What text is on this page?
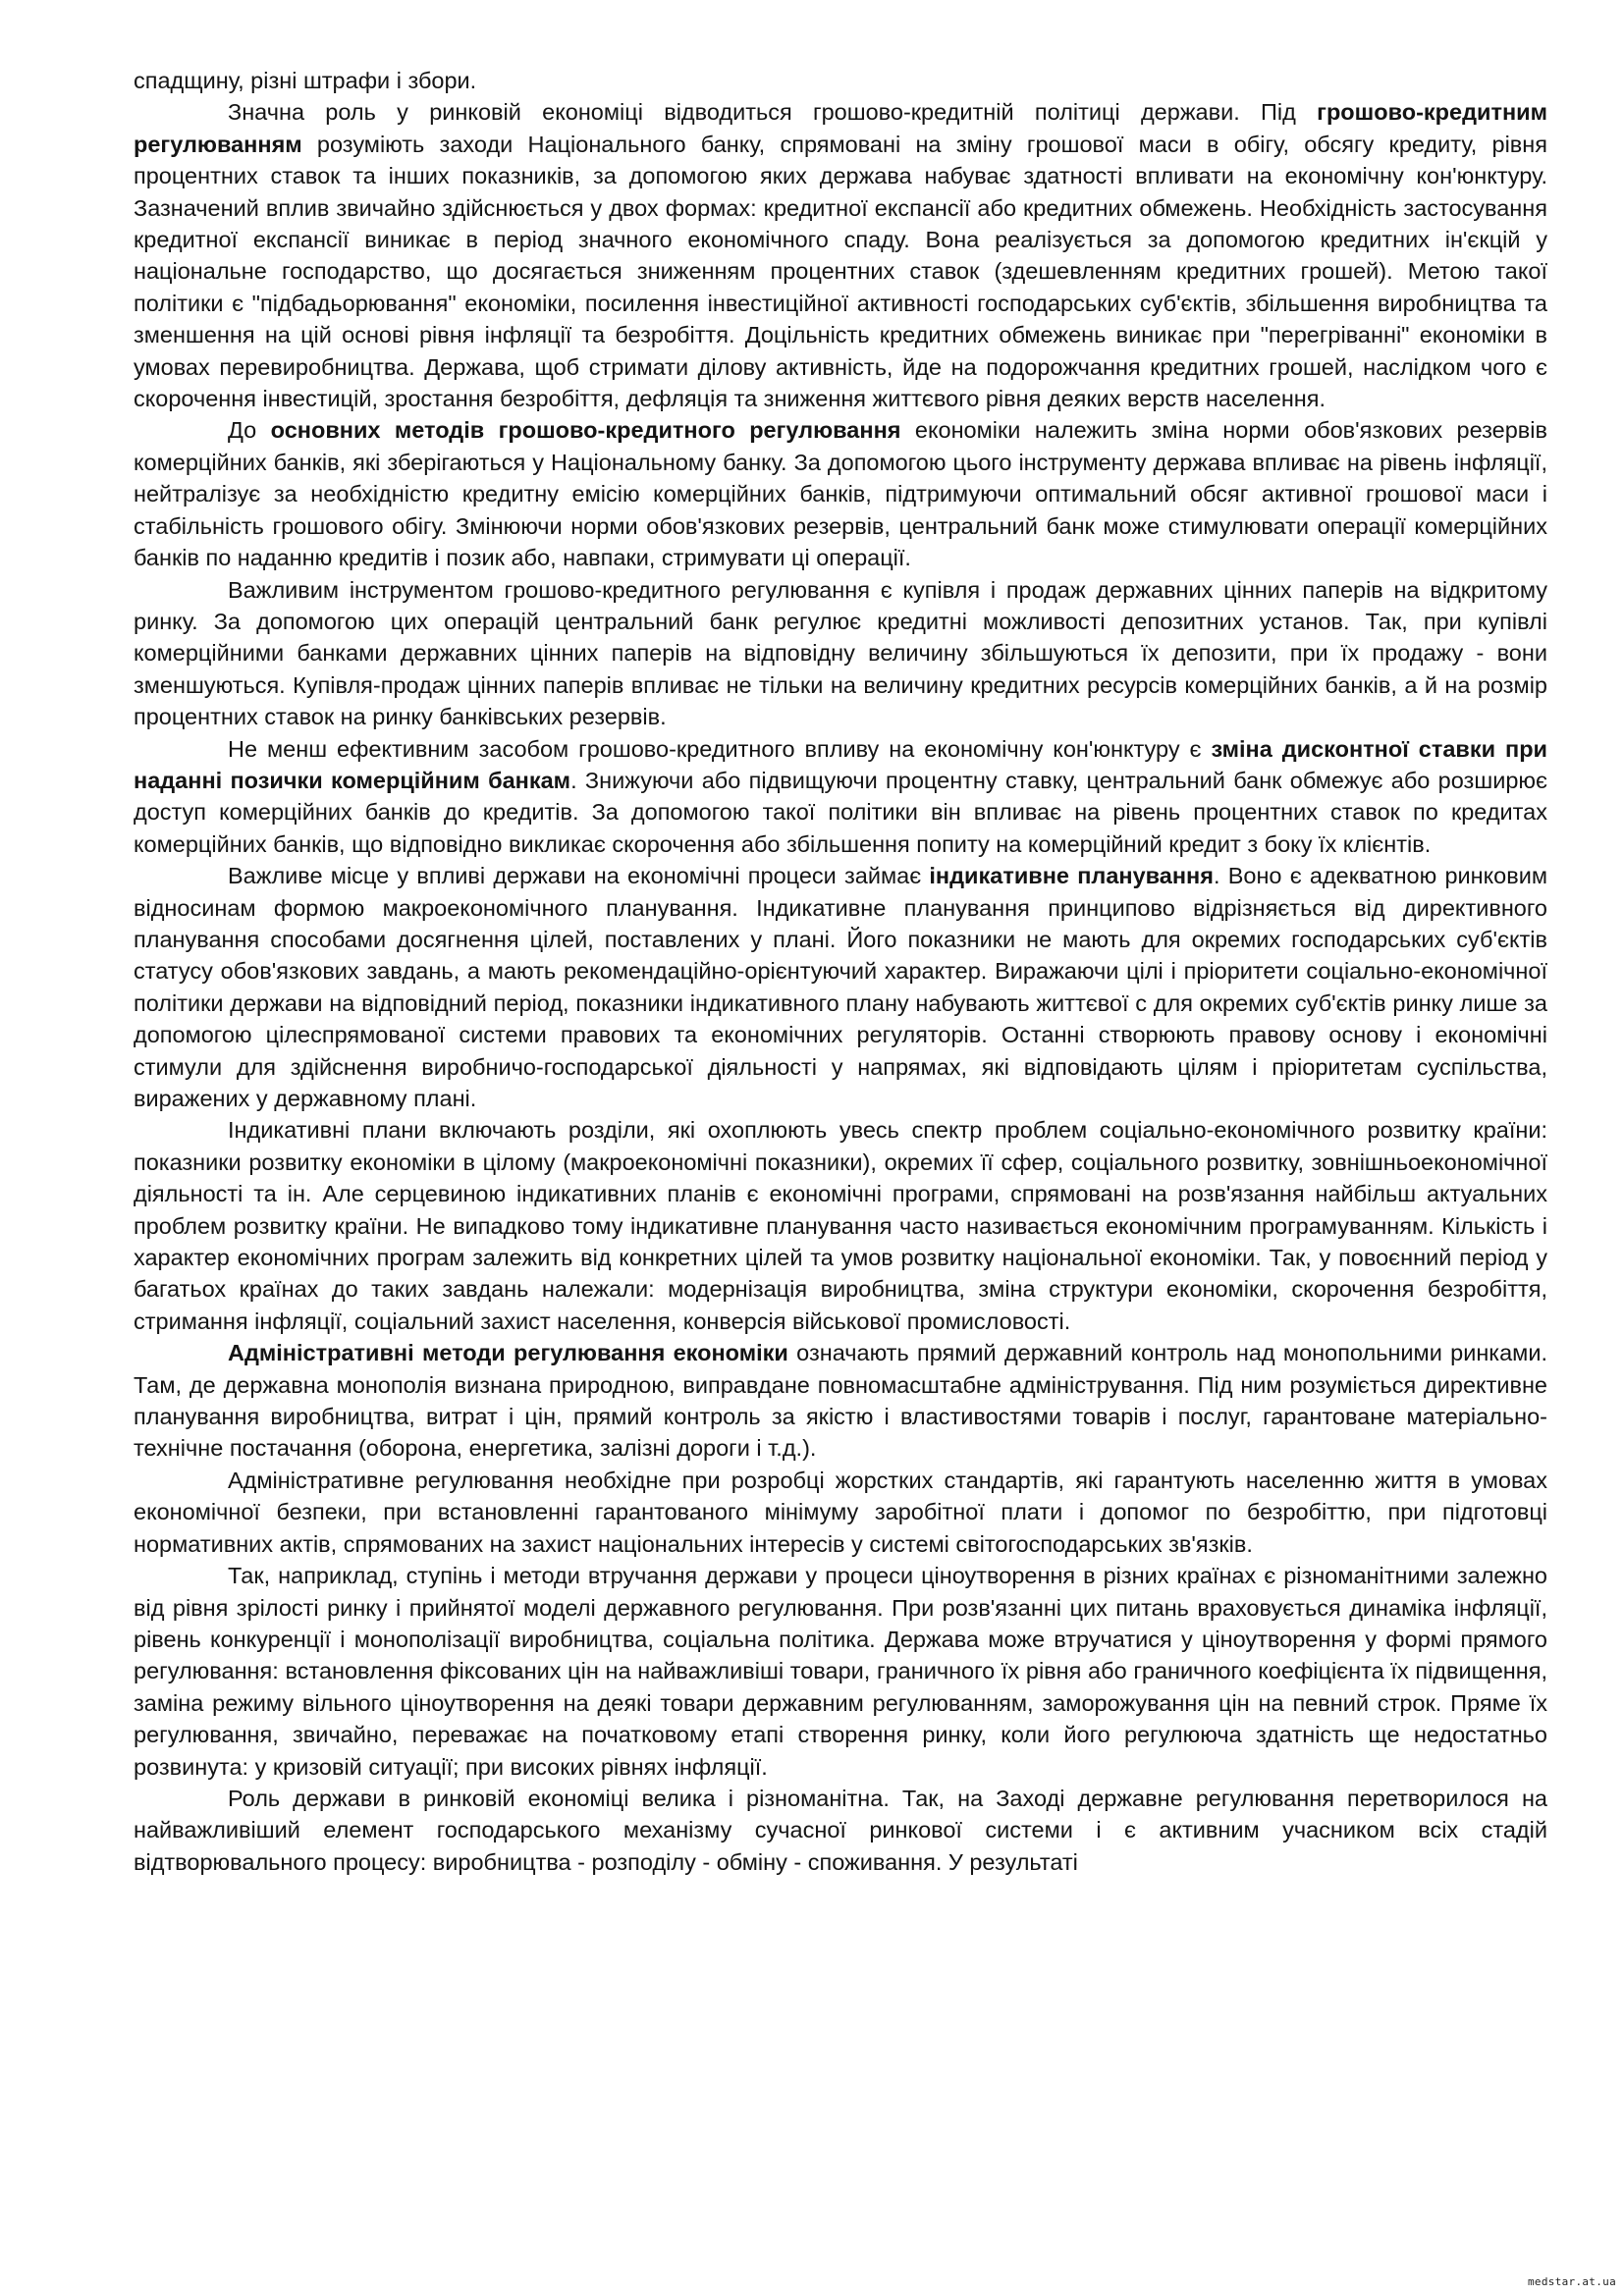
спадщину, різні штрафи і збори.

Значна роль у ринковій економіці відводиться грошово-кредитній політиці держави. Під грошово-кредитним регулюванням розуміють заходи Національного банку, спрямовані на зміну грошової маси в обігу, обсягу кредиту, рівня процентних ставок та інших показників, за допомогою яких держава набуває здатності впливати на економічну кон'юнктуру. Зазначений вплив звичайно здійснюється у двох формах: кредитної експансії або кредитних обмежень. Необхідність застосування кредитної експансії виникає в період значного економічного спаду. Вона реалізується за допомогою кредитних ін'єкцій у національне господарство, що досягається зниженням процентних ставок (здешевленням кредитних грошей). Метою такої політики є "підбадьорювання" економіки, посилення інвестиційної активності господарських суб'єктів, збільшення виробництва та зменшення на цій основі рівня інфляції та безробіття. Доцільність кредитних обмежень виникає при "перегріванні" економіки в умовах перевиробництва. Держава, щоб стримати ділову активність, йде на подорожчання кредитних грошей, наслідком чого є скорочення інвестицій, зростання безробіття, дефляція та зниження життєвого рівня деяких верств населення.

До основних методів грошово-кредитного регулювання економіки належить зміна норми обов'язкових резервів комерційних банків, які зберігаються у Національному банку. За допомогою цього інструменту держава впливає на рівень інфляції, нейтралізує за необхідністю кредитну емісію комерційних банків, підтримуючи оптимальний обсяг активної грошової маси і стабільність грошового обігу. Змінюючи норми обов'язкових резервів, центральний банк може стимулювати операції комерційних банків по наданню кредитів і позик або, навпаки, стримувати ці операції.

Важливим інструментом грошово-кредитного регулювання є купівля і продаж державних цінних паперів на відкритому ринку. За допомогою цих операцій центральний банк регулює кредитні можливості депозитних установ. Так, при купівлі комерційними банками державних цінних паперів на відповідну величину збільшуються їх депозити, при їх продажу - вони зменшуються. Купівля-продаж цінних паперів впливає не тільки на величину кредитних ресурсів комерційних банків, а й на розмір процентних ставок на ринку банківських резервів.

Не менш ефективним засобом грошово-кредитного впливу на економічну кон'юнктуру є зміна дисконтної ставки при наданні позички комерційним банкам. Знижуючи або підвищуючи процентну ставку, центральний банк обмежує або розширює доступ комерційних банків до кредитів. За допомогою такої політики він впливає на рівень процентних ставок по кредитах комерційних банків, що відповідно викликає скорочення або збільшення попиту на комерційний кредит з боку їх клієнтів.

Важливе місце у впливі держави на економічні процеси займає індикативне планування. Воно є адекватною ринковим відносинам формою макроекономічного планування. Індикативне планування принципово відрізняється від директивного планування способами досягнення цілей, поставлених у плані. Його показники не мають для окремих господарських суб'єктів статусу обов'язкових завдань, а мають рекомендаційно-орієнтуючий характер. Виражаючи цілі і пріоритети соціально-економічної політики держави на відповідний період, показники індикативного плану набувають життєвої с для окремих суб'єктів ринку лише за допомогою цілеспрямованої системи правових та економічних регуляторів. Останні створюють правову основу і економічні стимули для здійснення виробничо-господарської діяльності у напрямах, які відповідають цілям і пріоритетам суспільства, виражених у державному плані.

Індикативні плани включають розділи, які охоплюють увесь спектр проблем соціально-економічного розвитку країни: показники розвитку економіки в цілому (макроекономічні показники), окремих її сфер, соціального розвитку, зовнішньоекономічної діяльності та ін. Але серцевиною індикативних планів є економічні програми, спрямовані на розв'язання найбільш актуальних проблем розвитку країни. Не випадково тому індикативне планування часто називається економічним програмуванням. Кількість і характер економічних програм залежить від конкретних цілей та умов розвитку національної економіки. Так, у повоєнний період у багатьох країнах до таких завдань належали: модернізація виробництва, зміна структури економіки, скорочення безробіття, стримання інфляції, соціальний захист населення, конверсія військової промисловості.

Адміністративні методи регулювання економіки означають прямий державний контроль над монопольними ринками. Там, де державна монополія визнана природною, виправдане повномасштабне адміністрування. Під ним розуміється директивне планування виробництва, витрат і цін, прямий контроль за якістю і властивостями товарів і послуг, гарантоване матеріально-технічне постачання (оборона, енергетика, залізні дороги і т.д.).

Адміністративне регулювання необхідне при розробці жорстких стандартів, які гарантують населенню життя в умовах економічної безпеки, при встановленні гарантованого мінімуму заробітної плати і допомог по безробіттю, при підготовці нормативних актів, спрямованих на захист національних інтересів у системі світогосподарських зв'язків.

Так, наприклад, ступінь і методи втручання держави у процеси ціноутворення в різних країнах є різноманітними залежно від рівня зрілості ринку і прийнятої моделі державного регулювання. При розв'язанні цих питань враховується динаміка інфляції, рівень конкуренції і монополізації виробництва, соціальна політика. Держава може втручатися у ціноутворення у формі прямого регулювання: встановлення фіксованих цін на найважливіші товари, граничного їх рівня або граничного коефіцієнта їх підвищення, заміна режиму вільного ціноутворення на деякі товари державним регулюванням, заморожування цін на певний строк. Пряме їх регулювання, звичайно, переважає на початковому етапі створення ринку, коли його регулююча здатність ще недостатньо розвинута: у кризовій ситуації; при високих рівнях інфляції.

Роль держави в ринковій економіці велика і різноманітна. Так, на Заході державне регулювання перетворилося на найважливіший елемент господарського механізму сучасної ринкової системи і є активним учасником всіх стадій відтворювального процесу: виробництва - розподілу - обміну - споживання. У результаті

medstar.at.ua
